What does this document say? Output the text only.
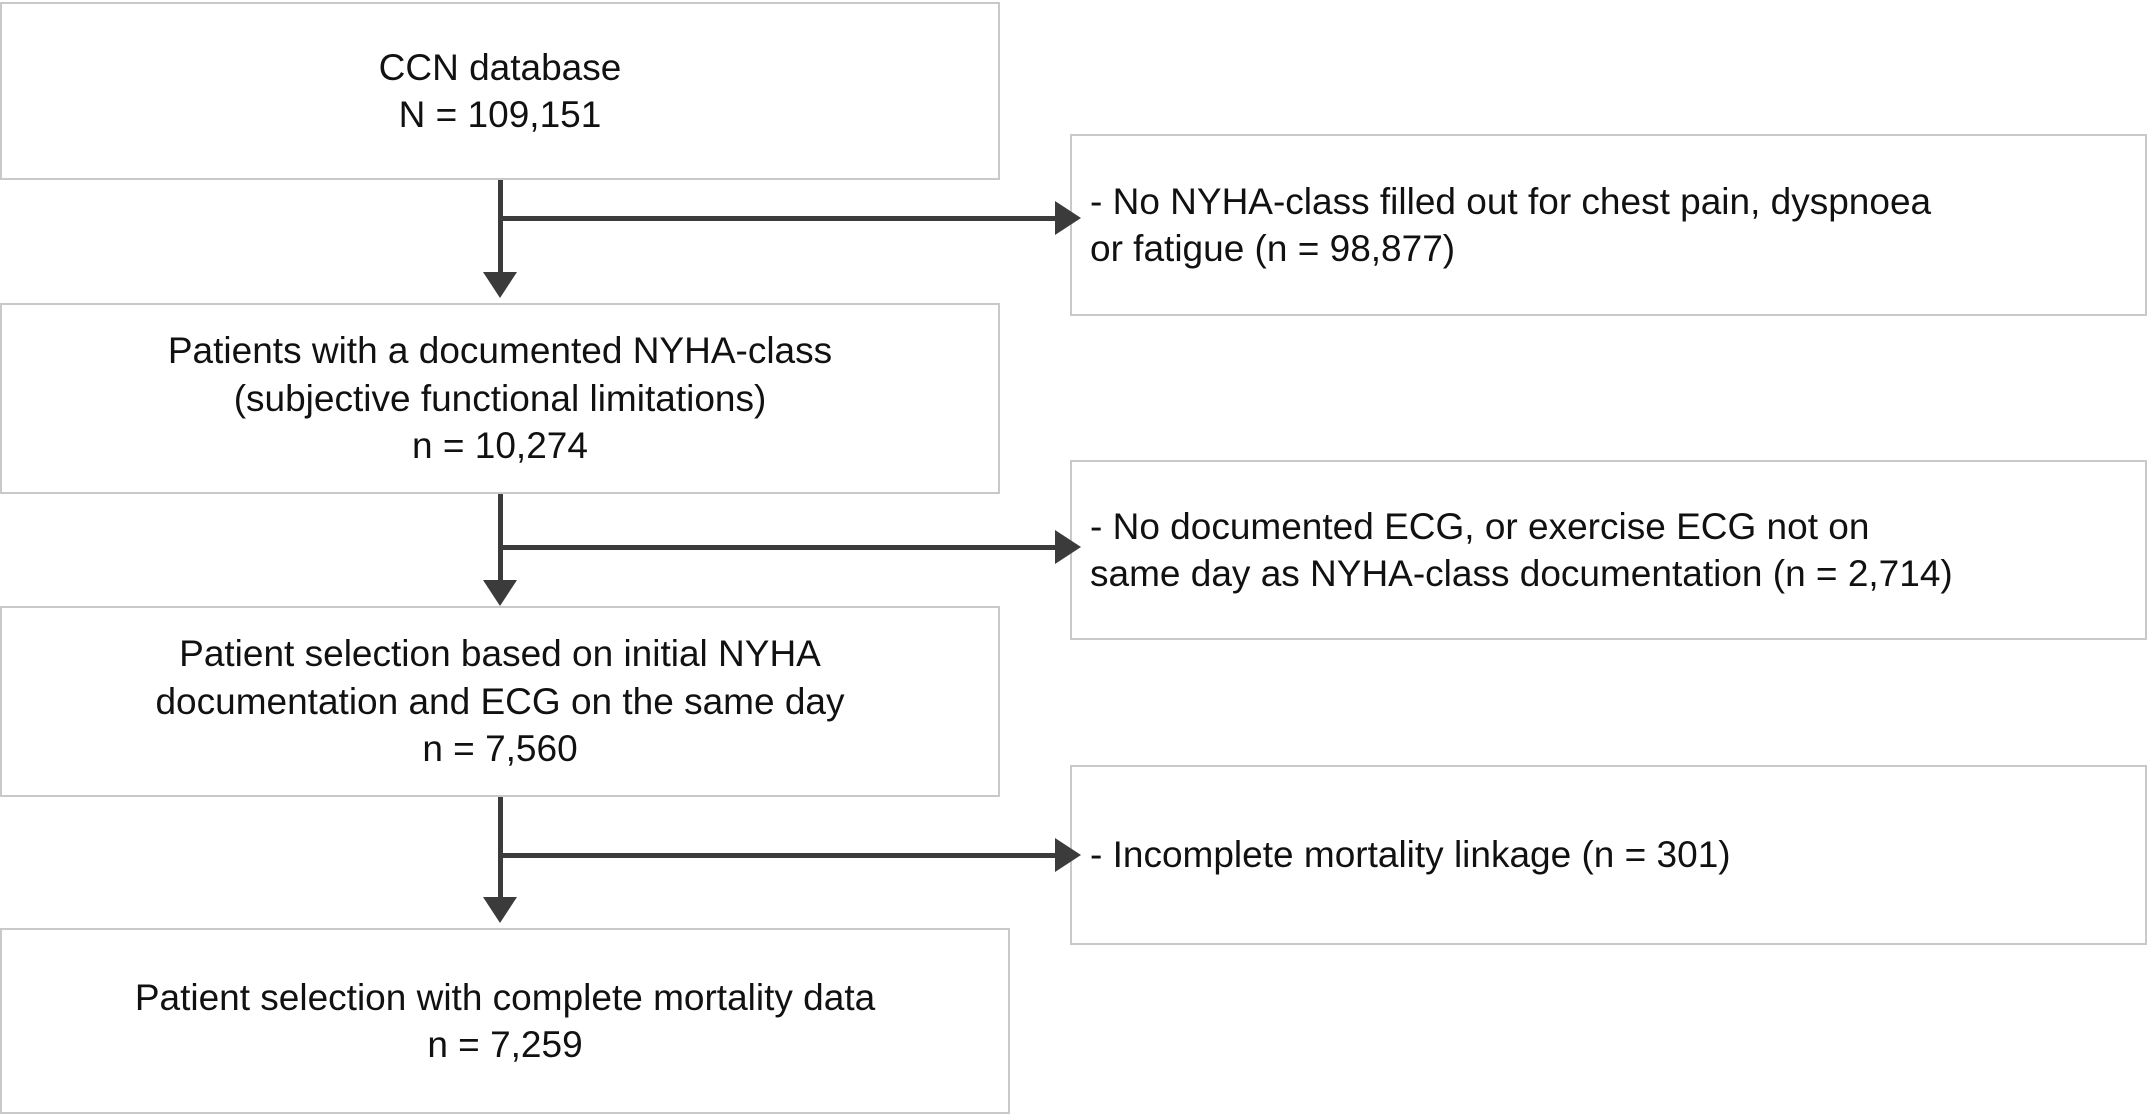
CCN database
N = 109,151
Patients with a documented NYHA-class
(subjective functional limitations)
n = 10,274
Patient selection based on initial NYHA
documentation and ECG on the same day
n = 7,560
Patient selection with complete mortality data
n = 7,259
- No NYHA-class filled out for chest pain, dyspnoea
or fatigue (n = 98,877)
- No documented ECG, or exercise ECG not on
same day as NYHA-class documentation (n = 2,714)
- Incomplete mortality linkage (n = 301)
